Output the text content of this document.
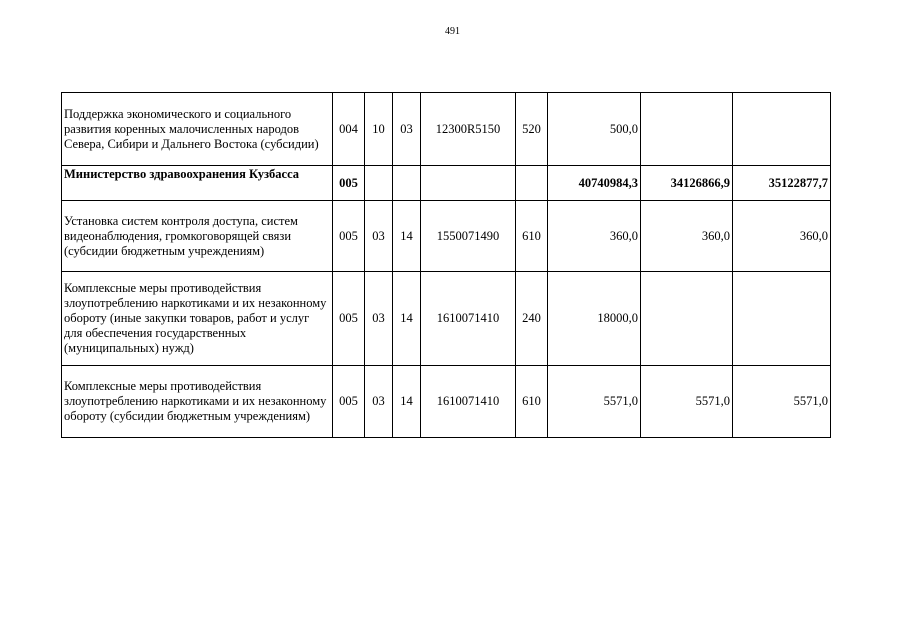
491
Поддержка экономического и социального развития коренных малочисленных народов Севера, Сибири и Дальнего Востока (субсидии)	004	10	03	12300R5150	520	500,0		
Министерство здравоохранения Кузбасса	005					40740984,3	34126866,9	35122877,7
Установка систем контроля доступа, систем видеонаблюдения, громкоговорящей связи (субсидии бюджетным учреждениям)	005	03	14	1550071490	610	360,0	360,0	360,0
Комплексные меры противодействия злоупотреблению наркотиками и их незаконному обороту (иные закупки товаров, работ и услуг для обеспечения государственных (муниципальных) нужд)	005	03	14	1610071410	240	18000,0		
Комплексные меры противодействия злоупотреблению наркотиками и их незаконному обороту (субсидии бюджетным учреждениям)	005	03	14	1610071410	610	5571,0	5571,0	5571,0
